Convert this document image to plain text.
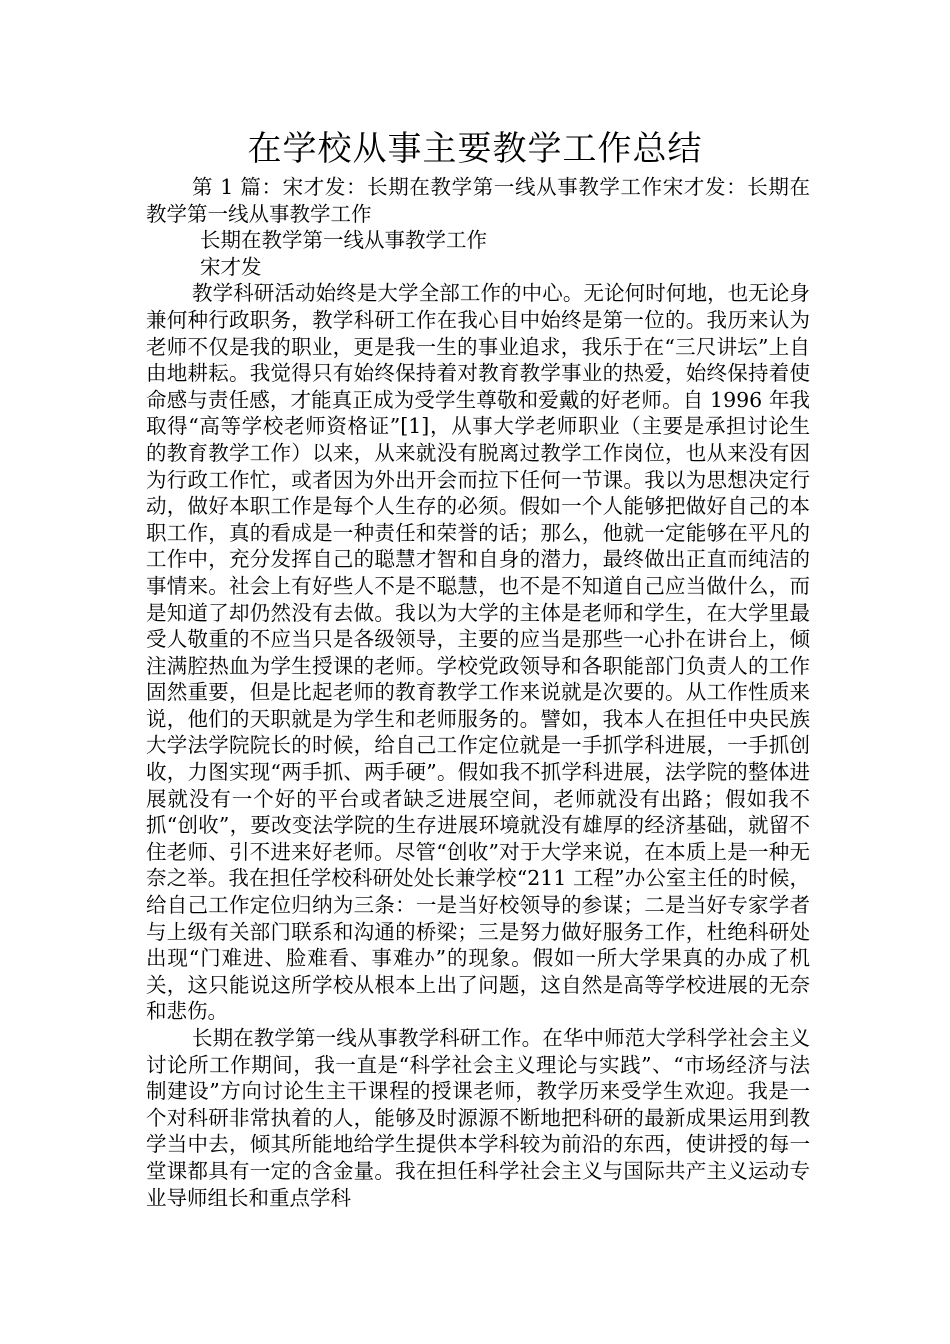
在学校从事主要教学工作总结

第 1 篇：宋才发：长期在教学第一线从事教学工作宋才发：长期在教学第一线从事教学工作

长期在教学第一线从事教学工作

宋才发

教学科研活动始终是大学全部工作的中心。无论何时何地，也无论身兼何种行政职务，教学科研工作在我心目中始终是第一位的。我历来认为老师不仅是我的职业，更是我一生的事业追求，我乐于在“三尺讲坛”上自由地耕耘。我觉得只有始终保持着对教育教学事业的热爱，始终保持着使命感与责任感，才能真正成为受学生尊敬和爱戴的好老师。自 1996 年我取得“高等学校老师资格证”[1]，从事大学老师职业（主要是承担讨论生的教育教学工作）以来，从来就没有脱离过教学工作岗位，也从来没有因为行政工作忙，或者因为外出开会而拉下任何一节课。我以为思想决定行动，做好本职工作是每个人生存的必须。假如一个人能够把做好自己的本职工作，真的看成是一种责任和荣誉的话；那么，他就一定能够在平凡的工作中，充分发挥自己的聪慧才智和自身的潜力，最终做出正直而纯洁的事情来。社会上有好些人不是不聪慧，也不是不知道自己应当做什么，而是知道了却仍然没有去做。我以为大学的主体是老师和学生，在大学里最受人敬重的不应当只是各级领导，主要的应当是那些一心扑在讲台上，倾注满腔热血为学生授课的老师。学校党政领导和各职能部门负责人的工作固然重要，但是比起老师的教育教学工作来说就是次要的。从工作性质来说，他们的天职就是为学生和老师服务的。譬如，我本人在担任中央民族大学法学院院长的时候，给自己工作定位就是一手抓学科进展，一手抓创收，力图实现“两手抓、两手硬”。假如我不抓学科进展，法学院的整体进展就没有一个好的平台或者缺乏进展空间，老师就没有出路；假如我不抓“创收”，要改变法学院的生存进展环境就没有雄厚的经济基础，就留不住老师、引不进来好老师。尽管“创收”对于大学来说，在本质上是一种无奈之举。我在担任学校科研处处长兼学校“211 工程”办公室主任的时候，给自己工作定位归纳为三条：一是当好校领导的参谋；二是当好专家学者与上级有关部门联系和沟通的桥梁；三是努力做好服务工作，杜绝科研处出现“门难进、脸难看、事难办”的现象。假如一所大学果真的办成了机关，这只能说这所学校从根本上出了问题，这自然是高等学校进展的无奈和悲伤。

长期在教学第一线从事教学科研工作。在华中师范大学科学社会主义讨论所工作期间，我一直是“科学社会主义理论与实践”、“市场经济与法制建设”方向讨论生主干课程的授课老师，教学历来受学生欢迎。我是一个对科研非常执着的人，能够及时源源不断地把科研的最新成果运用到教学当中去，倾其所能地给学生提供本学科较为前沿的东西，使讲授的每一堂课都具有一定的含金量。我在担任科学社会主义与国际共产主义运动专业导师组长和重点学科
